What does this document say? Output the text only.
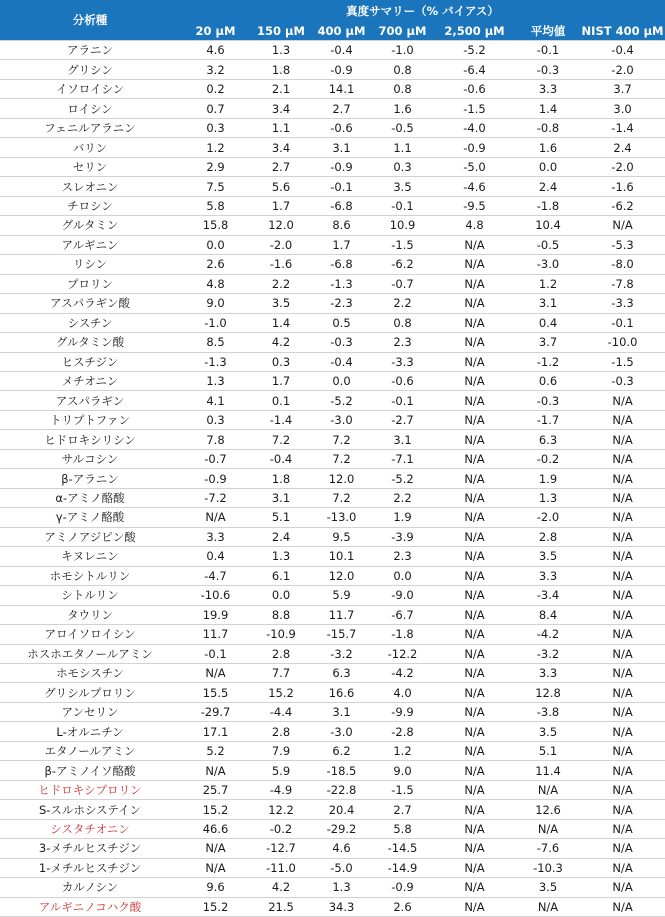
分析種	真度サマリー（% バイアス）						
	20 µM	150 µM	400 µM	700 µM	2,500 µM	平均値	NIST 400 µM
アラニン	4.6	1.3	-0.4	-1.0	-5.2	-0.1	-0.4
グリシン	3.2	1.8	-0.9	0.8	-6.4	-0.3	-2.0
イソロイシン	0.2	2.1	14.1	0.8	-0.6	3.3	3.7
ロイシン	0.7	3.4	2.7	1.6	-1.5	1.4	3.0
フェニルアラニン	0.3	1.1	-0.6	-0.5	-4.0	-0.8	-1.4
バリン	1.2	3.4	3.1	1.1	-0.9	1.6	2.4
セリン	2.9	2.7	-0.9	0.3	-5.0	0.0	-2.0
スレオニン	7.5	5.6	-0.1	3.5	-4.6	2.4	-1.6
チロシン	5.8	1.7	-6.8	-0.1	-9.5	-1.8	-6.2
グルタミン	15.8	12.0	8.6	10.9	4.8	10.4	N/A
アルギニン	0.0	-2.0	1.7	-1.5	N/A	-0.5	-5.3
リシン	2.6	-1.6	-6.8	-6.2	N/A	-3.0	-8.0
プロリン	4.8	2.2	-1.3	-0.7	N/A	1.2	-7.8
アスパラギン酸	9.0	3.5	-2.3	2.2	N/A	3.1	-3.3
シスチン	-1.0	1.4	0.5	0.8	N/A	0.4	-0.1
グルタミン酸	8.5	4.2	-0.3	2.3	N/A	3.7	-10.0
ヒスチジン	-1.3	0.3	-0.4	-3.3	N/A	-1.2	-1.5
メチオニン	1.3	1.7	0.0	-0.6	N/A	0.6	-0.3
アスパラギン	4.1	0.1	-5.2	-0.1	N/A	-0.3	N/A
トリプトファン	0.3	-1.4	-3.0	-2.7	N/A	-1.7	N/A
ヒドロキシリシン	7.8	7.2	7.2	3.1	N/A	6.3	N/A
サルコシン	-0.7	-0.4	7.2	-7.1	N/A	-0.2	N/A
β-アラニン	-0.9	1.8	12.0	-5.2	N/A	1.9	N/A
α-アミノ酪酸	-7.2	3.1	7.2	2.2	N/A	1.3	N/A
γ-アミノ酪酸	N/A	5.1	-13.0	1.9	N/A	-2.0	N/A
アミノアジピン酸	3.3	2.4	9.5	-3.9	N/A	2.8	N/A
キヌレニン	0.4	1.3	10.1	2.3	N/A	3.5	N/A
ホモシトルリン	-4.7	6.1	12.0	0.0	N/A	3.3	N/A
シトルリン	-10.6	0.0	5.9	-9.0	N/A	-3.4	N/A
タウリン	19.9	8.8	11.7	-6.7	N/A	8.4	N/A
アロイソロイシン	11.7	-10.9	-15.7	-1.8	N/A	-4.2	N/A
ホスホエタノールアミン	-0.1	2.8	-3.2	-12.2	N/A	-3.2	N/A
ホモシスチン	N/A	7.7	6.3	-4.2	N/A	3.3	N/A
グリシルプロリン	15.5	15.2	16.6	4.0	N/A	12.8	N/A
アンセリン	-29.7	-4.4	3.1	-9.9	N/A	-3.8	N/A
L-オルニチン	17.1	2.8	-3.0	-2.8	N/A	3.5	N/A
エタノールアミン	5.2	7.9	6.2	1.2	N/A	5.1	N/A
β-アミノイソ酪酸	N/A	5.9	-18.5	9.0	N/A	11.4	N/A
ヒドロキシプロリン	25.7	-4.9	-22.8	-1.5	N/A	N/A	N/A
S-スルホシステイン	15.2	12.2	20.4	2.7	N/A	12.6	N/A
シスタチオニン	46.6	-0.2	-29.2	5.8	N/A	N/A	N/A
3-メチルヒスチジン	N/A	-12.7	4.6	-14.5	N/A	-7.6	N/A
1-メチルヒスチジン	N/A	-11.0	-5.0	-14.9	N/A	-10.3	N/A
カルノシン	9.6	4.2	1.3	-0.9	N/A	3.5	N/A
アルギニノコハク酸	15.2	21.5	34.3	2.6	N/A	N/A	N/A
